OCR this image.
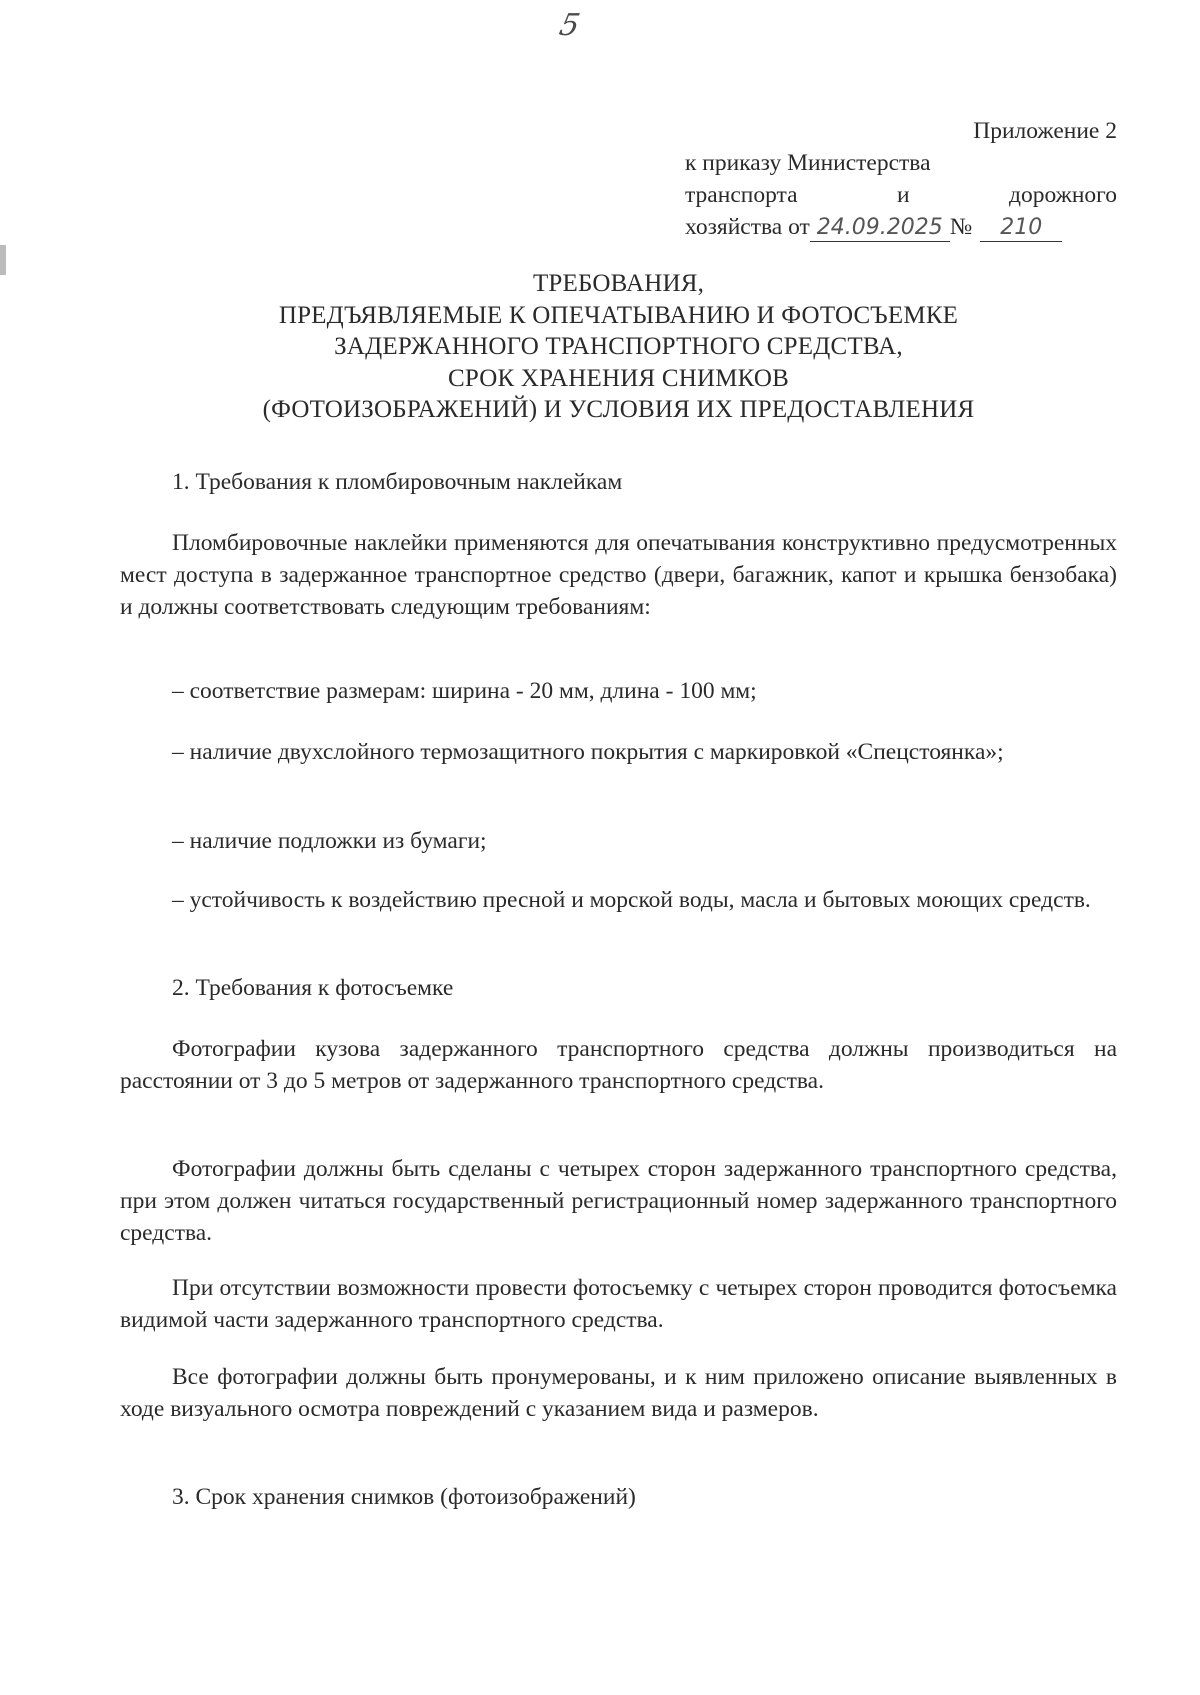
5
Приложение 2
к приказу Министерства
транспорта	и	дорожного
хозяйства от 24.09.2025 №	210
ТРЕБОВАНИЯ,
ПРЕДЪЯВЛЯЕМЫЕ К ОПЕЧАТЫВАНИЮ И ФОТОСЪЕМКЕ
ЗАДЕРЖАННОГО ТРАНСПОРТНОГО СРЕДСТВА,
СРОК ХРАНЕНИЯ СНИМКОВ
(ФОТОИЗОБРАЖЕНИЙ) И УСЛОВИЯ ИХ ПРЕДОСТАВЛЕНИЯ
1. Требования к пломбировочным наклейкам
Пломбировочные наклейки применяются для опечатывания конструктивно предусмотренных мест доступа в задержанное транспортное средство (двери, багажник, капот и крышка бензобака) и должны соответствовать следующим требованиям:
– соответствие размерам: ширина - 20 мм, длина - 100 мм;
– наличие двухслойного термозащитного покрытия с маркировкой «Спецстоянка»;
– наличие подложки из бумаги;
– устойчивость к воздействию пресной и морской воды, масла и бытовых моющих средств.
2. Требования к фотосъемке
Фотографии кузова задержанного транспортного средства должны производиться на расстоянии от 3 до 5 метров от задержанного транспортного средства.
Фотографии должны быть сделаны с четырех сторон задержанного транспортного средства, при этом должен читаться государственный регистрационный номер задержанного транспортного средства.
При отсутствии возможности провести фотосъемку с четырех сторон проводится фотосъемка видимой части задержанного транспортного средства.
Все фотографии должны быть пронумерованы, и к ним приложено описание выявленных в ходе визуального осмотра повреждений с указанием вида и размеров.
3. Срок хранения снимков (фотоизображений)
